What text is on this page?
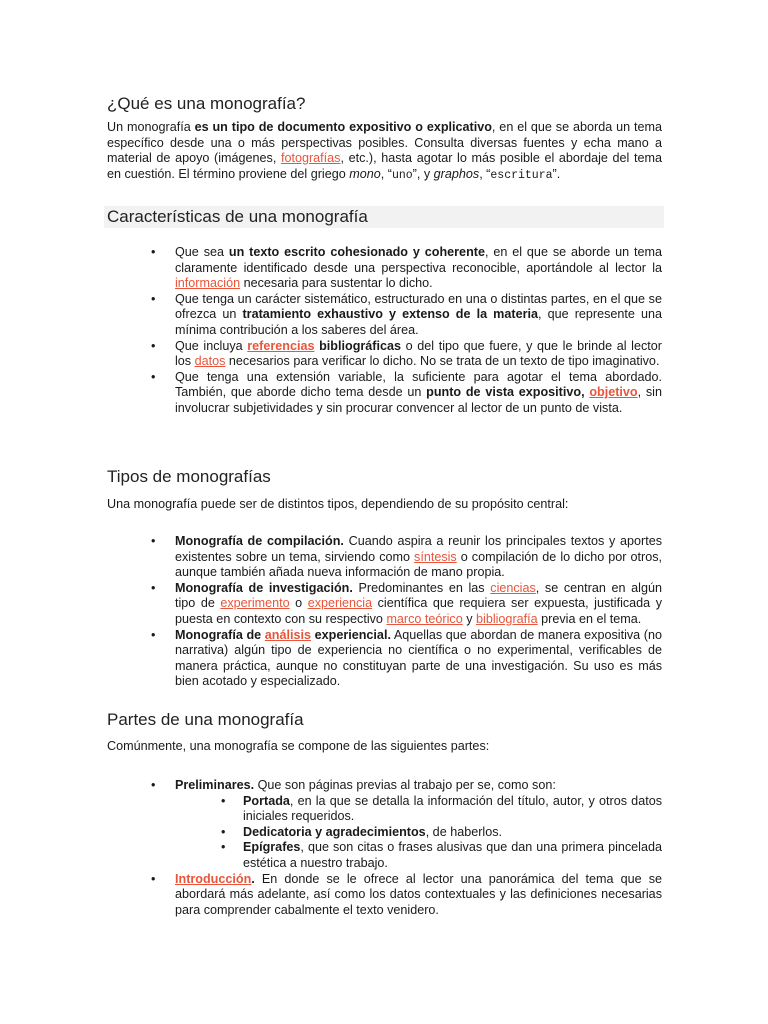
¿Qué es una monografía?

Un monografía es un tipo de documento expositivo o explicativo, en el que se aborda un tema específico desde una o más perspectivas posibles. Consulta diversas fuentes y echa mano a material de apoyo (imágenes, fotografías, etc.), hasta agotar lo más posible el abordaje del tema en cuestión. El término proviene del griego mono, “uno”, y graphos, “escritura”.

Características de una monografía
• Que sea un texto escrito cohesionado y coherente, en el que se aborde un tema claramente identificado desde una perspectiva reconocible, aportándole al lector la información necesaria para sustentar lo dicho.
• Que tenga un carácter sistemático, estructurado en una o distintas partes, en el que se ofrezca un tratamiento exhaustivo y extenso de la materia, que represente una mínima contribución a los saberes del área.
• Que incluya referencias bibliográficas o del tipo que fuere, y que le brinde al lector los datos necesarios para verificar lo dicho. No se trata de un texto de tipo imaginativo.
• Que tenga una extensión variable, la suficiente para agotar el tema abordado. También, que aborde dicho tema desde un punto de vista expositivo, objetivo, sin involucrar subjetividades y sin procurar convencer al lector de un punto de vista.
Tipos de monografías

Una monografía puede ser de distintos tipos, dependiendo de su propósito central:

• Monografía de compilación. Cuando aspira a reunir los principales textos y aportes existentes sobre un tema, sirviendo como síntesis o compilación de lo dicho por otros, aunque también añada nueva información de mano propia.
• Monografía de investigación. Predominantes en las ciencias, se centran en algún tipo de experimento o experiencia científica que requiera ser expuesta, justificada y puesta en contexto con su respectivo marco teórico y bibliografía previa en el tema.
• Monografía de análisis experiencial. Aquellas que abordan de manera expositiva (no narrativa) algún tipo de experiencia no científica o no experimental, verificables de manera práctica, aunque no constituyan parte de una investigación. Su uso es más bien acotado y especializado.
Partes de una monografía

Comúnmente, una monografía se compone de las siguientes partes:

• Preliminares. Que son páginas previas al trabajo per se, como son:
• Portada, en la que se detalla la información del título, autor, y otros datos iniciales requeridos.
• Dedicatoria y agradecimientos, de haberlos.
• Epígrafes, que son citas o frases alusivas que dan una primera pincelada estética a nuestro trabajo.
• Introducción. En donde se le ofrece al lector una panorámica del tema que se abordará más adelante, así como los datos contextuales y las definiciones necesarias para comprender cabalmente el texto venidero.
